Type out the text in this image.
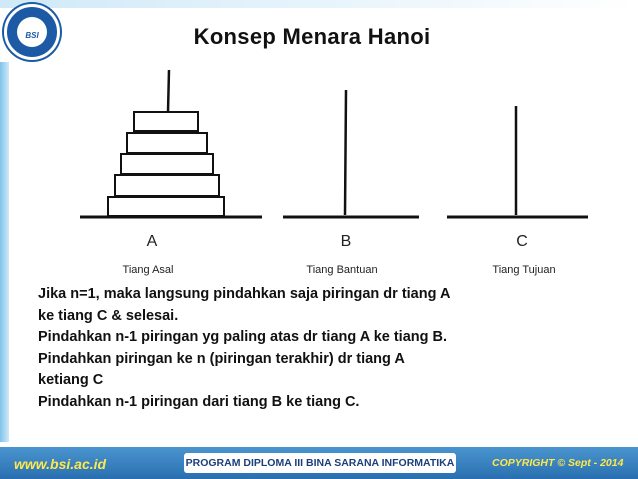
BSI	Konsep Menara Hanoi
A	B	C
Tiang Asal	Tiang Bantuan	Tiang Tujuan
Jika n=1, maka langsung pindahkan saja piringan dr tiang A
ke tiang C & selesai.
Pindahkan n-1 piringan yg paling atas dr tiang A ke tiang B.
Pindahkan piringan ke n (piringan terakhir) dr tiang A
ketiang C
Pindahkan n-1 piringan dari tiang B ke tiang C.
www.bsi.ac.id	PROGRAM DIPLOMA III BINA SARANA INFORMATIKA	COPYRIGHT © Sept - 2014
